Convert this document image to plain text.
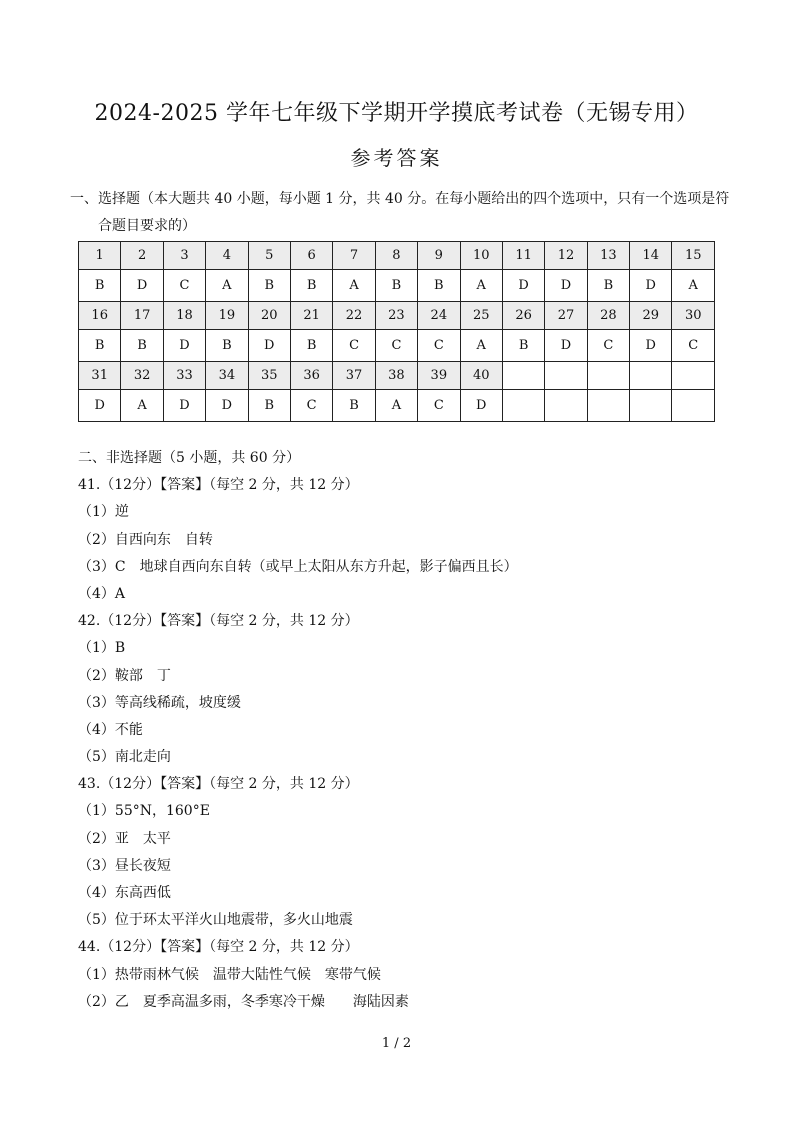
2024-2025 学年七年级下学期开学摸底考试卷（无锡专用）
参考答案
一、选择题（本大题共 40 小题，每小题 1 分，共 40 分。在每小题给出的四个选项中，只有一个选项是符
合题目要求的）
1	2	3	4	5	6	7	8	9	10	11	12	13	14	15
B	D	C	A	B	B	A	B	B	A	D	D	B	D	A
16	17	18	19	20	21	22	23	24	25	26	27	28	29	30
B	B	D	B	D	B	C	C	C	A	B	D	C	D	C
31	32	33	34	35	36	37	38	39	40					
D	A	D	D	B	C	B	A	C	D					
二、非选择题（5 小题，共 60 分）
41.（12分）【答案】（每空 2 分，共 12 分）
（1）逆
（2）自西向东　自转
（3）C　地球自西向东自转（或早上太阳从东方升起，影子偏西且长）
（4）A
42.（12分）【答案】（每空 2 分，共 12 分）
（1）B
（2）鞍部　丁
（3）等高线稀疏，坡度缓
（4）不能
（5）南北走向
43.（12分）【答案】（每空 2 分，共 12 分）
（1）55°N，160°E
（2）亚　太平
（3）昼长夜短
（4）东高西低
（5）位于环太平洋火山地震带，多火山地震
44.（12分）【答案】（每空 2 分，共 12 分）
（1）热带雨林气候　温带大陆性气候　寒带气候
（2）乙　夏季高温多雨，冬季寒冷干燥　　海陆因素
1 / 2
